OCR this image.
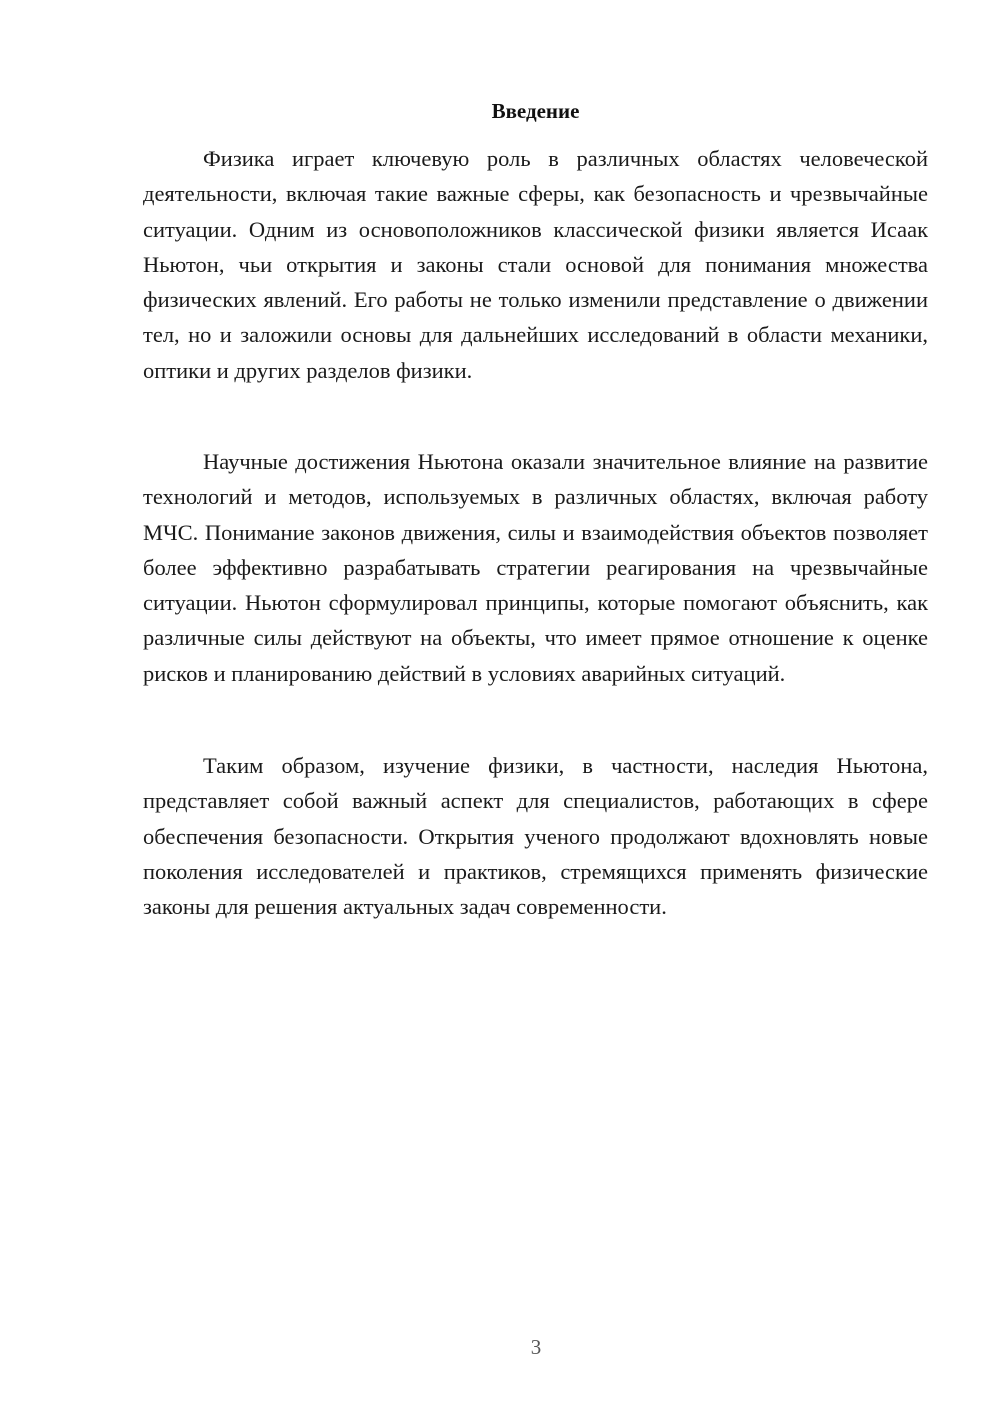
Введение

Физика играет ключевую роль в различных областях человеческой деятельности, включая такие важные сферы, как безопасность и чрезвычайные ситуации. Одним из основоположников классической физики является Исаак Ньютон, чьи открытия и законы стали основой для понимания множества физических явлений. Его работы не только изменили представление о движении тел, но и заложили основы для дальнейших исследований в области механики, оптики и других разделов физики.

Научные достижения Ньютона оказали значительное влияние на развитие технологий и методов, используемых в различных областях, включая работу МЧС. Понимание законов движения, силы и взаимодействия объектов позволяет более эффективно разрабатывать стратегии реагирования на чрезвычайные ситуации. Ньютон сформулировал принципы, которые помогают объяснить, как различные силы действуют на объекты, что имеет прямое отношение к оценке рисков и планированию действий в условиях аварийных ситуаций.

Таким образом, изучение физики, в частности, наследия Ньютона, представляет собой важный аспект для специалистов, работающих в сфере обеспечения безопасности. Открытия ученого продолжают вдохновлять новые поколения исследователей и практиков, стремящихся применять физические законы для решения актуальных задач современности.

3
